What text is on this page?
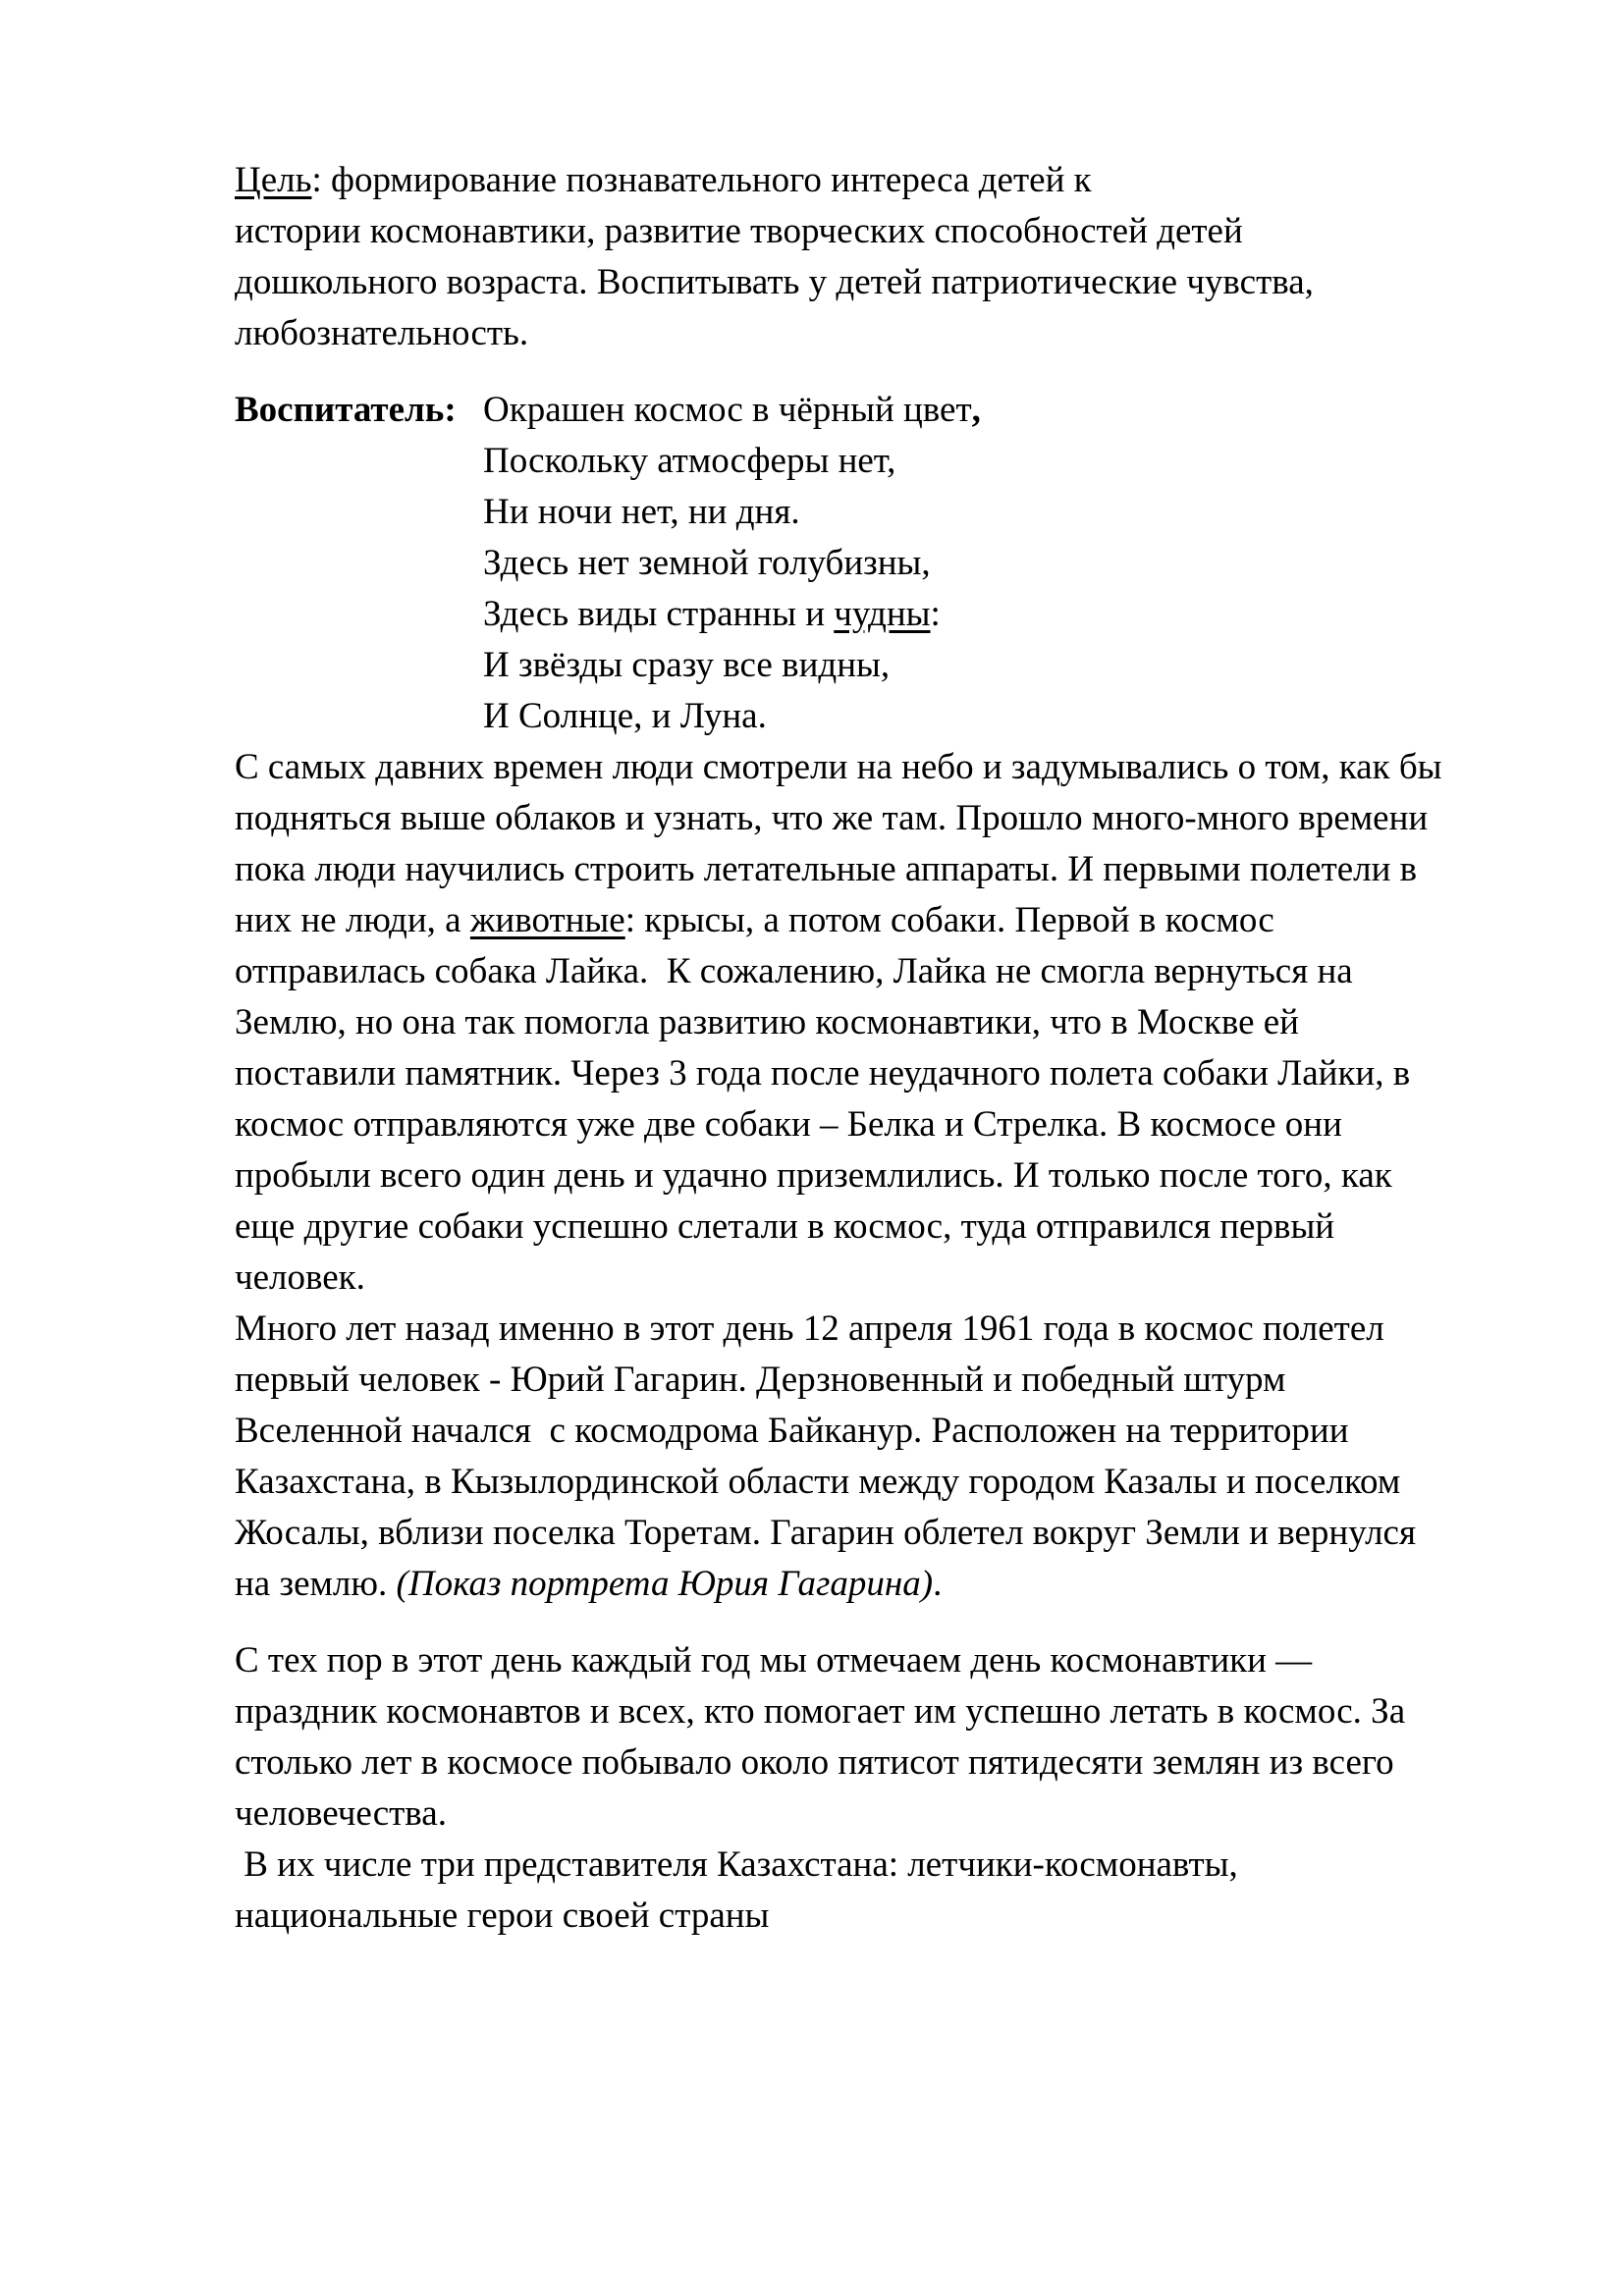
Цель: формирование познавательного интереса детей к
истории космонавтики, развитие творческих способностей детей
дошкольного возраста. Воспитывать у детей патриотические чувства,
любознательность.
Воспитатель: Окрашен космос в чёрный цвет,
Поскольку атмосферы нет,
Ни ночи нет, ни дня.
Здесь нет земной голубизны,
Здесь виды странны и чудны:
И звёзды сразу все видны,
И Солнце, и Луна.
С самых давних времен люди смотрели на небо и задумывались о том, как бы
подняться выше облаков и узнать, что же там. Прошло много-много времени
пока люди научились строить летательные аппараты. И первыми полетели в
них не люди, а животные: крысы, а потом собаки. Первой в космос
отправилась собака Лайка.  К сожалению, Лайка не смогла вернуться на
Землю, но она так помогла развитию космонавтики, что в Москве ей
поставили памятник. Через 3 года после неудачного полета собаки Лайки, в
космос отправляются уже две собаки – Белка и Стрелка. В космосе они
пробыли всего один день и удачно приземлились. И только после того, как
еще другие собаки успешно слетали в космос, туда отправился первый
человек.
Много лет назад именно в этот день 12 апреля 1961 года в космос полетел
первый человек - Юрий Гагарин. Дерзновенный и победный штурм
Вселенной начался  с космодрома Байканур. Расположен на территории
Казахстана, в Кызылординской области между городом Казалы и поселком
Жосалы, вблизи поселка Торетам. Гагарин облетел вокруг Земли и вернулся
на землю. (Показ портрета Юрия Гагарина).
С тех пор в этот день каждый год мы отмечаем день космонавтики —
праздник космонавтов и всех, кто помогает им успешно летать в космос. За
столько лет в космосе побывало около пятисот пятидесяти землян из всего
человечества.
В их числе три представителя Казахстана: летчики-космонавты,
национальные герои своей страны
